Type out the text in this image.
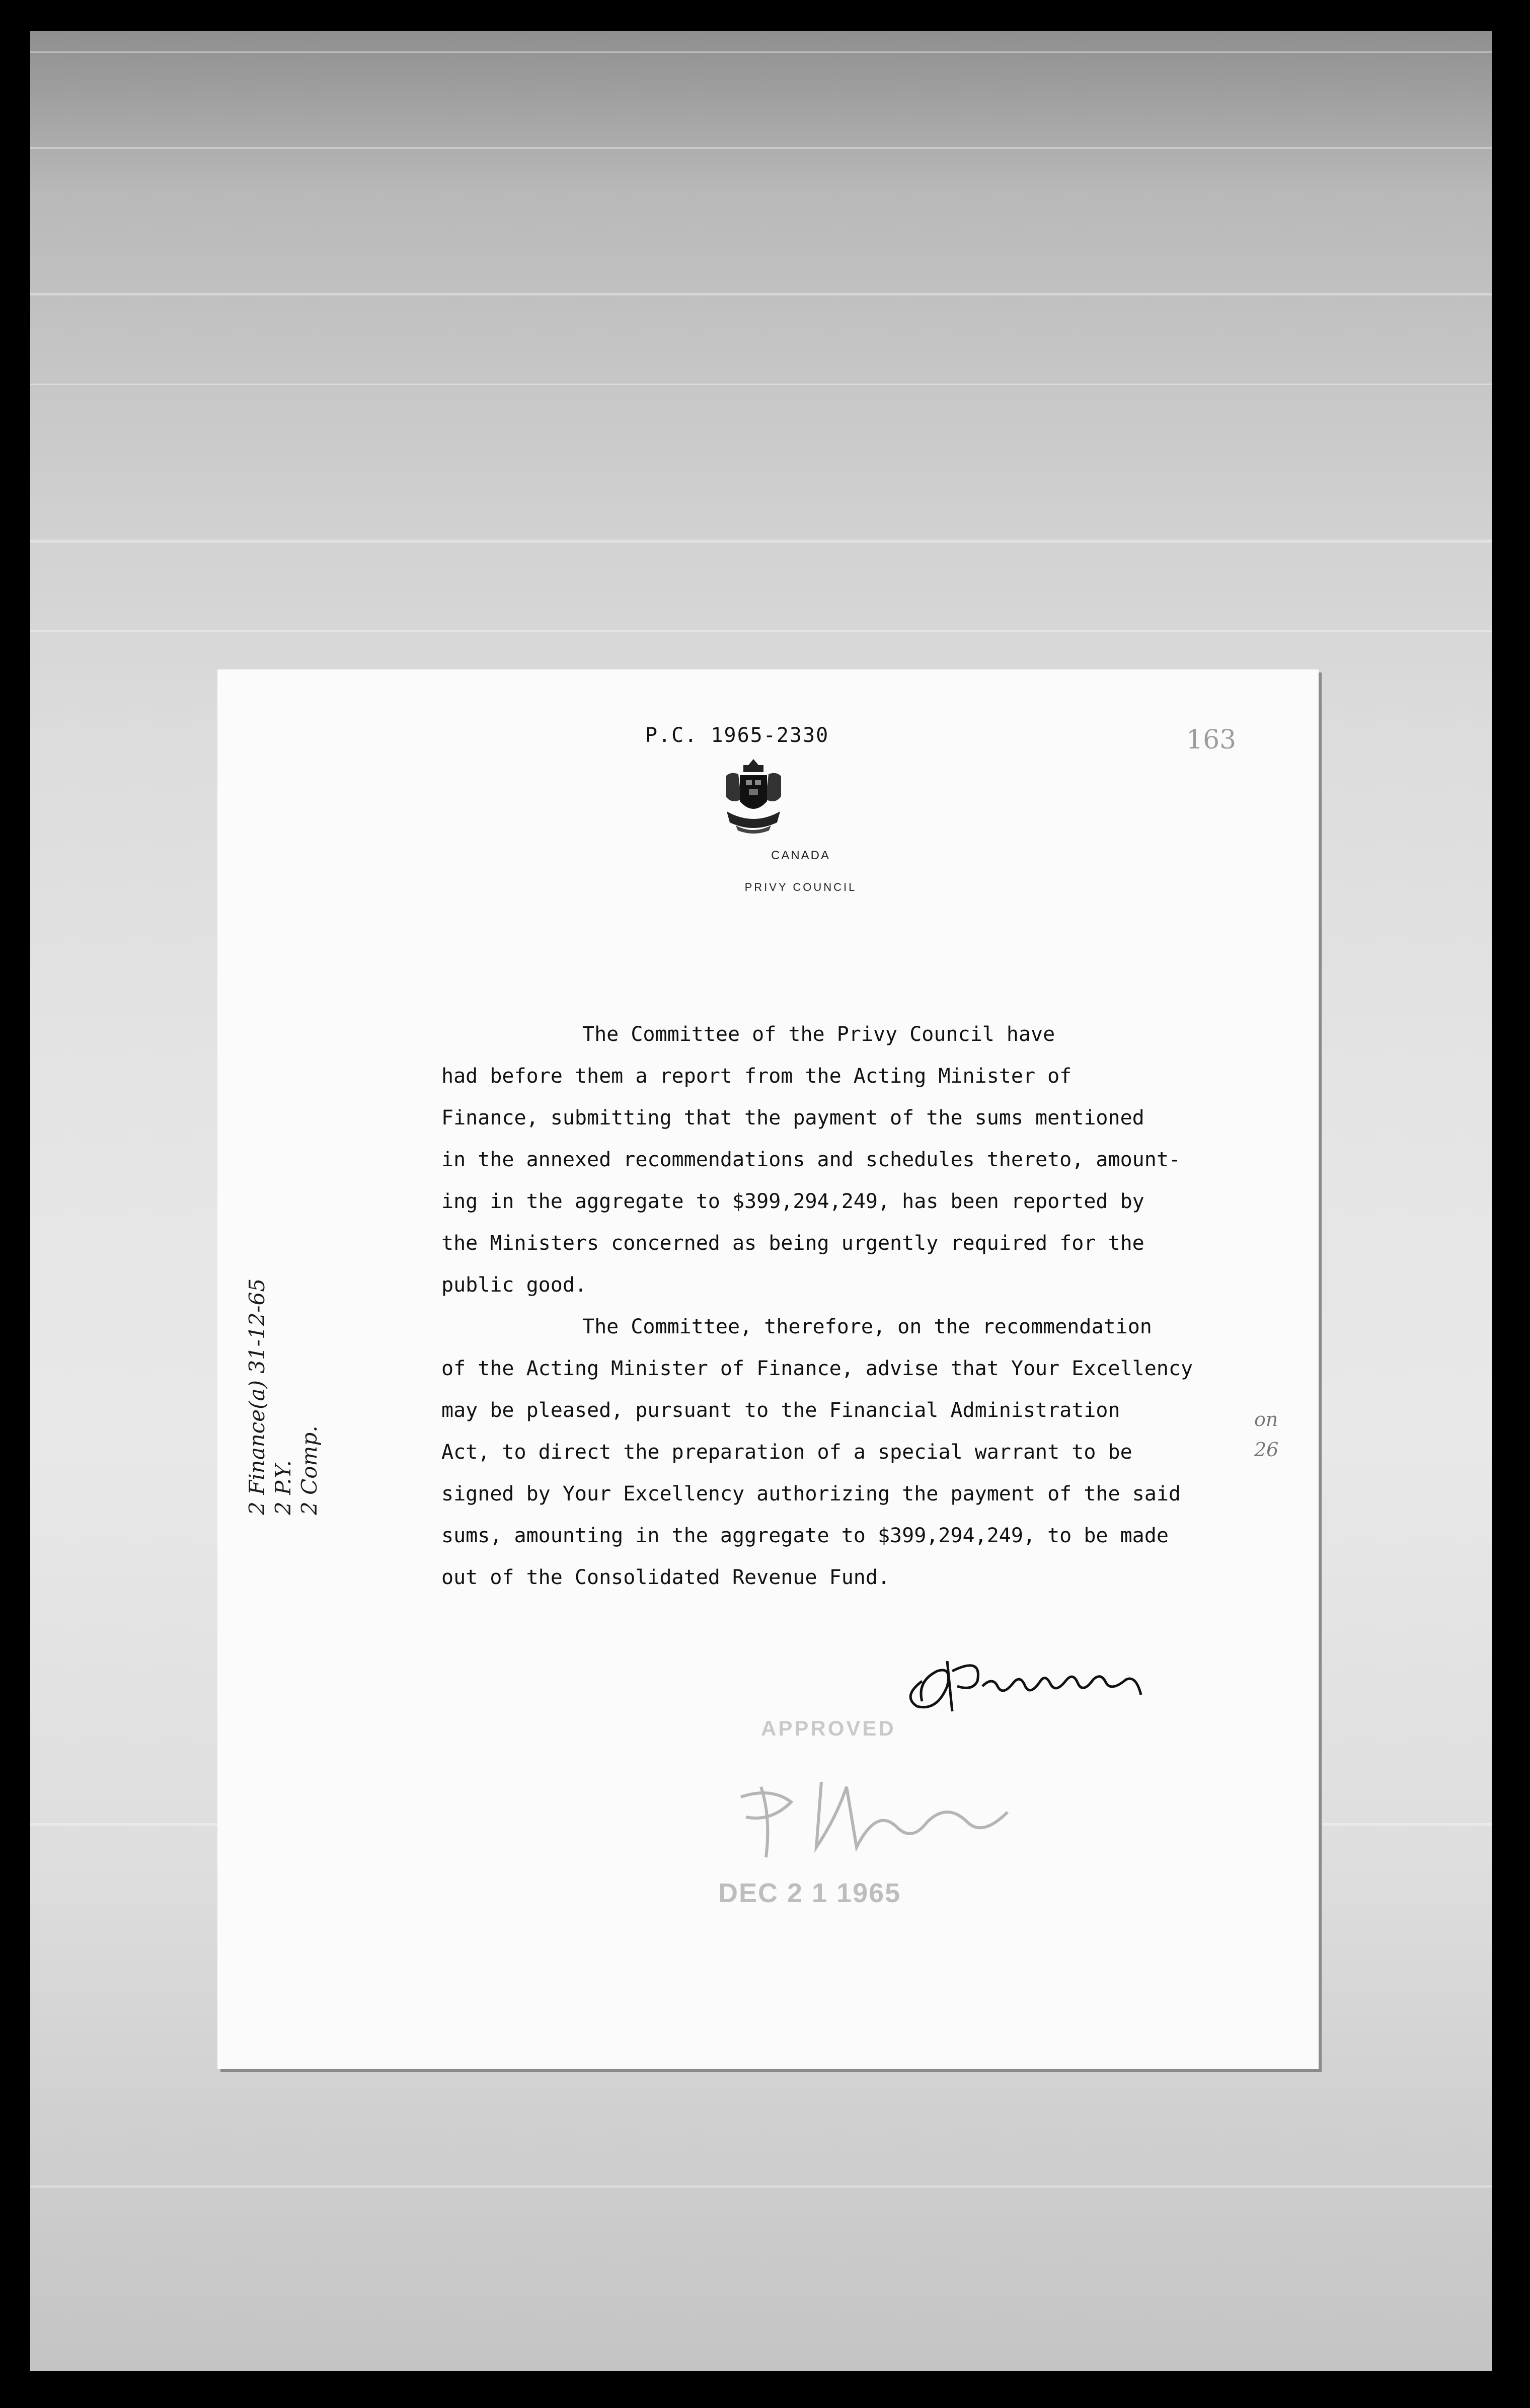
P.C. 1965-2330	163
CANADA
PRIVY COUNCIL
The Committee of the Privy Council have
had before them a report from the Acting Minister of
Finance, submitting that the payment of the sums mentioned
in the annexed recommendations and schedules thereto, amount-
ing in the aggregate to $399,294,249, has been reported by
the Ministers concerned as being urgently required for the
public good.
The Committee, therefore, on the recommendation
of the Acting Minister of Finance, advise that Your Excellency
may be pleased, pursuant to the Financial Administration
Act, to direct the preparation of a special warrant to be
signed by Your Excellency authorizing the payment of the said
sums, amounting in the aggregate to $399,294,249, to be made
out of the Consolidated Revenue Fund.
APPROVED
DEC 2 1 1965
on
26
2 Finance(a) 31-12-65 2 P.Y. 2 Comp.
